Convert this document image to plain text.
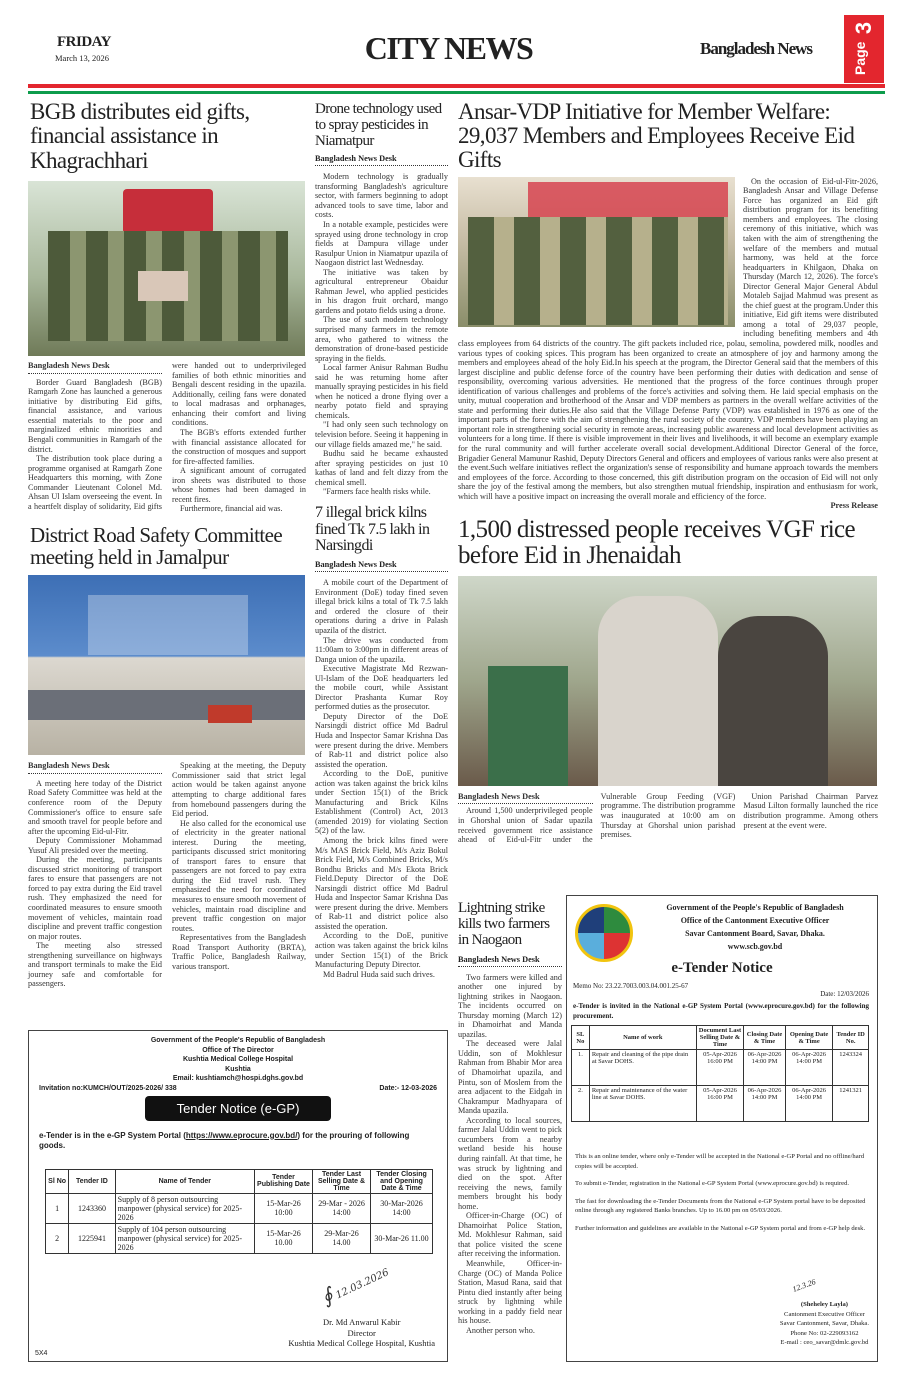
FRIDAY
March 13, 2026	CITY NEWS	Bangladesh News
3
Page
BGB distributes eid gifts, financial assistance in Khagrachhari
Bangladesh News Desk

Border Guard Bangladesh (BGB) Ramgarh Zone has launched a generous initiative by distributing Eid gifts, financial assistance, and various essential materials to the poor and marginalized ethnic minorities and Bengali communities in Ramgarh of the district.

The distribution took place during a programme organised at Ramgarh Zone Headquarters this morning, with Zone Commander Lieutenant Colonel Md. Ahsan Ul Islam overseeing the event. In a heartfelt display of solidarity, Eid gifts were handed out to underprivileged families of both ethnic minorities and Bengali descent residing in the upazila. Additionally, ceiling fans were donated to local madrasas and orphanages, enhancing their comfort and living conditions.

The BGB's efforts extended further with financial assistance allocated for the construction of mosques and support for fire-affected families.

A significant amount of corrugated iron sheets was distributed to those whose homes had been damaged in recent fires.

Furthermore, financial aid was.

District Road Safety Committee meeting held in Jamalpur
Bangladesh News Desk

A meeting here today of the District Road Safety Committee was held at the conference room of the Deputy Commissioner's office to ensure safe and smooth travel for people before and after the upcoming Eid-ul-Fitr.

Deputy Commissioner Mohammad Yusuf Ali presided over the meeting.

During the meeting, participants discussed strict monitoring of transport fares to ensure that passengers are not forced to pay extra during the Eid travel rush. They emphasized the need for coordinated measures to ensure smooth movement of vehicles, maintain road discipline and prevent traffic congestion on major routes.

The meeting also stressed strengthening surveillance on highways and transport terminals to make the Eid journey safe and comfortable for passengers.

Speaking at the meeting, the Deputy Commissioner said that strict legal action would be taken against anyone attempting to charge additional fares from homebound passengers during the Eid period.

He also called for the economical use of electricity in the greater national interest. During the meeting, participants discussed strict monitoring of transport fares to ensure that passengers are not forced to pay extra during the Eid travel rush. They emphasized the need for coordinated measures to ensure smooth movement of vehicles, maintain road discipline and prevent traffic congestion on major routes.

Representatives from the Bangladesh Road Transport Authority (BRTA), Traffic Police, Bangladesh Railway, various transport.

Drone technology used to spray pesticides in Niamatpur
Bangladesh News Desk

Modern technology is gradually transforming Bangladesh's agriculture sector, with farmers beginning to adopt advanced tools to save time, labor and costs.

In a notable example, pesticides were sprayed using drone technology in crop fields at Dampura village under Rasulpur Union in Niamatpur upazila of Naogaon district last Wednesday.

The initiative was taken by agricultural entrepreneur Obaidur Rahman Jewel, who applied pesticides in his dragon fruit orchard, mango gardens and potato fields using a drone.

The use of such modern technology surprised many farmers in the remote area, who gathered to witness the demonstration of drone-based pesticide spraying in the fields.

Local farmer Anisur Rahman Budhu said he was returning home after manually spraying pesticides in his field when he noticed a drone flying over a nearby potato field and spraying chemicals.

"I had only seen such technology on television before. Seeing it happening in our village fields amazed me," he said.

Budhu said he became exhausted after spraying pesticides on just 10 kathas of land and felt dizzy from the chemical smell.

"Farmers face health risks while.

7 illegal brick kilns fined Tk 7.5 lakh in Narsingdi
Bangladesh News Desk

A mobile court of the Department of Environment (DoE) today fined seven illegal brick kilns a total of Tk 7.5 lakh and ordered the closure of their operations during a drive in Palash upazila of the district.

The drive was conducted from 11:00am to 3:00pm in different areas of Danga union of the upazila.

Executive Magistrate Md Rezwan-Ul-Islam of the DoE headquarters led the mobile court, while Assistant Director Prashanta Kumar Roy performed duties as the prosecutor.

Deputy Director of the DoE Narsingdi district office Md Badrul Huda and Inspector Samar Krishna Das were present during the drive. Members of Rab-11 and district police also assisted the operation.

According to the DoE, punitive action was taken against the brick kilns under Section 15(1) of the Brick Manufacturing and Brick Kilns Establishment (Control) Act, 2013 (amended 2019) for violating Section 5(2) of the law.

Among the brick kilns fined were M/s MAS Brick Field, M/s Aziz Bokul Brick Field, M/s Combined Bricks, M/s Bondhu Bricks and M/s Ekota Brick Field.Deputy Director of the DoE Narsingdi district office Md Badrul Huda and Inspector Samar Krishna Das were present during the drive. Members of Rab-11 and district police also assisted the operation.

According to the DoE, punitive action was taken against the brick kilns under Section 15(1) of the Brick Manufacturing Deputy Director.

Md Badrul Huda said such drives.

Ansar-VDP Initiative for Member Welfare: 29,037 Members and Employees Receive Eid Gifts

On the occasion of Eid-ul-Fitr-2026, Bangladesh Ansar and Village Defense Force has organized an Eid gift distribution program for its benefiting members and employees. The closing ceremony of this initiative, which was taken with the aim of strengthening the welfare of the members and mutual harmony, was held at the force headquarters in Khilgaon, Dhaka on Thursday (March 12, 2026). The force's Director General Major General Abdul Motaleb Sajjad Mahmud was present as the chief guest at the program.Under this initiative, Eid gift items were distributed among a total of 29,037 people, including benefiting members and 4th class employees from 64 districts of the country. The gift packets included rice, polau, semolina, powdered milk, noodles and various types of cooking spices. This program has been organized to create an atmosphere of joy and harmony among the members and employees ahead of the holy Eid.In his speech at the program, the Director General said that the members of this largest discipline and public defense force of the country have been performing their duties with dedication and sense of responsibility, overcoming various adversities. He mentioned that the progress of the force continues through proper identification of various challenges and problems of the force's activities and solving them. He laid special emphasis on the unity, mutual cooperation and brotherhood of the Ansar and VDP members as partners in the overall welfare activities of the state and performing their duties.He also said that the Village Defense Party (VDP) was established in 1976 as one of the important parts of the force with the aim of strengthening the rural society of the country. VDP members have been playing an important role in strengthening social security in remote areas, increasing public awareness and local development activities as volunteers for a long time. If there is visible improvement in their lives and livelihoods, it will become an exemplary example for the rural community and will further accelerate overall social development.Additional Director General of the force, Brigadier General Mamunur Rashid, Deputy Directors General and officers and employees of various ranks were also present at the event.Such welfare initiatives reflect the organization's sense of responsibility and humane approach towards the members and employees of the force. According to those concerned, this gift distribution program on the occasion of Eid will not only share the joy of the festival among the members, but also strengthen mutual friendship, inspiration and enthusiasm for work, which will have a positive impact on increasing the overall morale and efficiency of the force.

Press Release
1,500 distressed people receives VGF rice before Eid in Jhenaidah
Bangladesh News Desk

Around 1,500 underprivileged people in Ghorshal union of Sadar upazila received government rice assistance ahead of Eid-ul-Fitr under the Vulnerable Group Feeding (VGF) programme. The distribution programme was inaugurated at 10:00 am on Thursday at Ghorshal union parishad premises.

Union Parishad Chairman Parvez Masud Lilton formally launched the rice distribution programme. Among others present at the event were.

Lightning strike kills two farmers in Naogaon
Bangladesh News Desk

Two farmers were killed and another one injured by lightning strikes in Naogaon. The incidents occurred on Thursday morning (March 12) in Dhamoirhat and Manda upazilas.

The deceased were Jalal Uddin, son of Mokhlesur Rahman from Bhabir Mor area of Dhamoirhat upazila, and Pintu, son of Moslem from the area adjacent to the Eidgah in Chakrampur Madhyapara of Manda upazila.

According to local sources, farmer Jalal Uddin went to pick cucumbers from a nearby wetland beside his house during rainfall. At that time, he was struck by lightning and died on the spot. After receiving the news, family members brought his body home.

Officer-in-Charge (OC) of Dhamoirhat Police Station, Md. Mokhlesur Rahman, said that police visited the scene after receiving the information.

Meanwhile, Officer-in-Charge (OC) of Manda Police Station, Masud Rana, said that Pintu died instantly after being struck by lightning while working in a paddy field near his house.

Another person who.

Government of the People's Republic of Bangladesh
Office of The Director
Kushtia Medical College Hospital
Kushtia
Email: kushtiamch@hospi.dghs.gov.bd
Invitation no:KUMCH/OUT/2025-2026/ 338	Date:- 12-03-2026
Tender Notice (e-GP)
e-Tender is in the e-GP System Portal (https://www.eprocure.gov.bd/) for the prouring of following goods.
Sl No	Tender ID	Name of Tender	Tender Publishing Date	Tender Last Selling Date & Time	Tender Closing and Opening Date & Time
1	1243360	Supply of 8 person outsourcing manpower (physical service) for 2025-2026	15-Mar-26 10:00	29-Mar - 2026 14:00	30-Mar-2026 14:00
2	1225941	Supply of 104 person outsourcing manpower (physical service) for 2025-2026	15-Mar-26 10.00	29-Mar-26 14.00	30-Mar-26 11.00
∮ 12.03.2026
Dr. Md Anwarul Kabir
Director
Kushtia Medical College Hospital, Kushtia
5X4
Government of the People's Republic of Bangladesh
Office of the Cantonment Executive Officer
Savar Cantonment Board, Savar, Dhaka.
www.scb.gov.bd
e-Tender Notice
Memo No: 23.22.7003.003.04.001.25-67
Date: 12/03/2026
e-Tender is invited in the National e-GP System Portal (www.eprocure.gov.bd) for the following procurement.
SL No	Name of work	Document Last Selling Date & Time	Closing Date & Time	Opening Date & Time	Tender ID No.
1.	Repair and cleaning of the pipe drain at Savar DOHS.	05-Apr-2026 16:00 PM	06-Apr-2026 14:00 PM	06-Apr-2026 14:00 PM	1243324
2.	Repair and maintenance of the water line at Savar DOHS.	05-Apr-2026 16:00 PM	06-Apr-2026 14:00 PM	06-Apr-2026 14:00 PM	1241321
This is an online tender, where only e-Tender will be accepted in the National e-GP Portal and no offline/hard copies will be accepted.
To submit e-Tender, registration in the National e-GP System Portal (www.eprocure.gov.bd) is required.
The fast for downloading the e-Tender Documents from the National e-GP System portal have to be deposited online through any registered Banks branches. Up to 16.00 pm on 05/03/2026.
Further information and guidelines are available in the National e-GP System portal and from e-GP help desk.
12.3.26
(Sheheley Layla)
Cantonment Executive Officer
Savar Cantonment, Savar, Dhaka.
Phone No: 02-229093162
E-mail : ceo_savar@dmlc.gov.bd
